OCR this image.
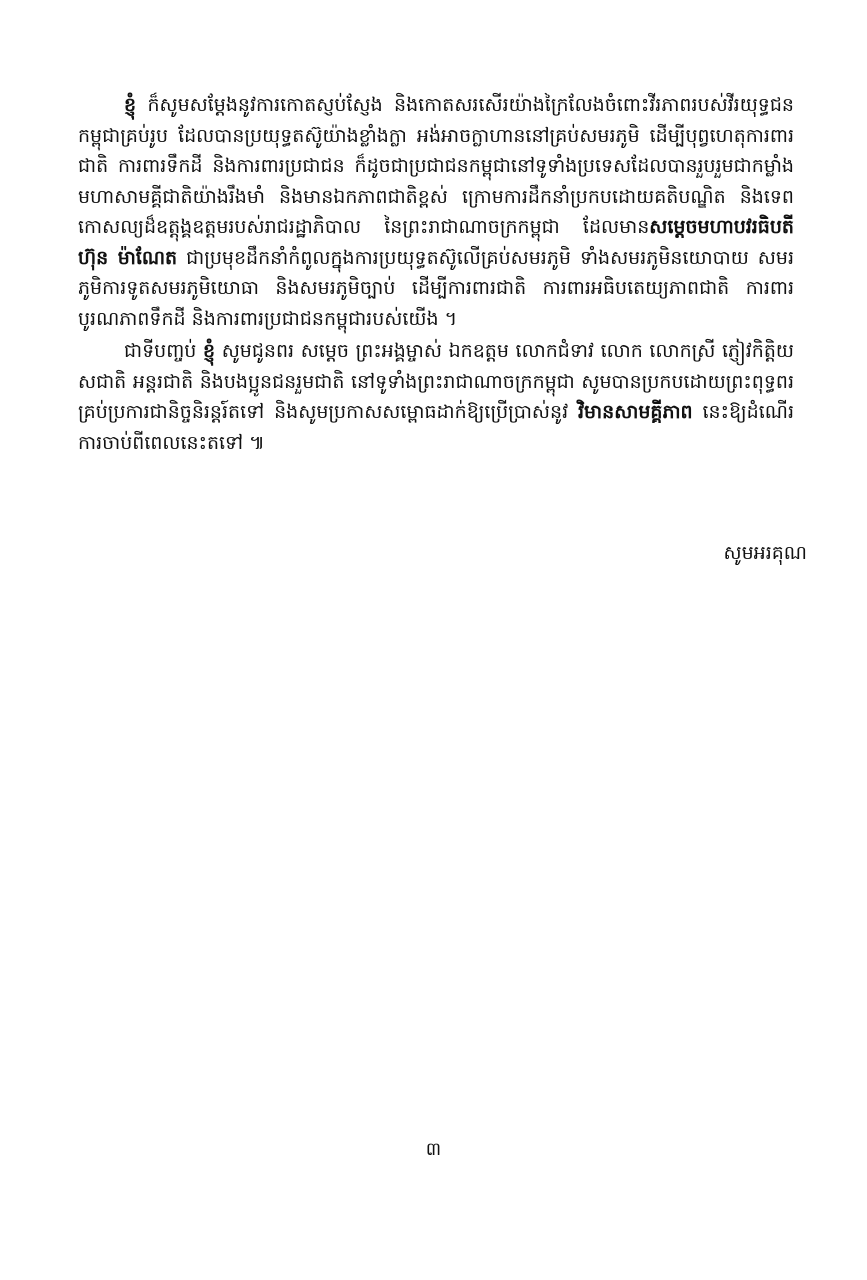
ខ្ញុំ ក៏សូមសម្តែងនូវការកោតស្ញប់ស្ញែង និងកោតសរសើរយ៉ាងក្រៃលែងចំពោះវីរភាពរបស់វីរយុទ្ធជនកម្ពុជាគ្រប់រូប ដែលបានប្រយុទ្ធតស៊ូយ៉ាងខ្លាំងក្លា អង់អាចក្លាហាននៅគ្រប់សមរភូមិ ដើម្បីបុព្វហេតុការពារជាតិ ការពារទឹកដី និងការពារប្រជាជន ក៏ដូចជាប្រជាជនកម្ពុជានៅទូទាំងប្រទេសដែលបានរួបរួមជាកម្លាំងមហាសាមគ្គីជាតិយ៉ាងរឹងមាំ និងមានឯកភាពជាតិខ្ពស់ ក្រោមការដឹកនាំប្រកបដោយគតិបណ្ឌិត និងទេពកោសល្យដ៏ឧត្តុង្គឧត្តមរបស់រាជរដ្ឋាភិបាល នៃព្រះរាជាណាចក្រកម្ពុជា ដែលមានសម្តេចមហាបវរធិបតី ហ៊ុន ម៉ាណែត ជាប្រមុខដឹកនាំកំពូលក្នុងការប្រយុទ្ធតស៊ូលើគ្រប់សមរភូមិ ទាំងសមរភូមិនយោបាយ សមរភូមិការទូតសមរភូមិយោធា និងសមរភូមិច្បាប់ ដើម្បីការពារជាតិ ការពារអធិបតេយ្យភាពជាតិ ការពារបូរណភាពទឹកដី និងការពារប្រជាជនកម្ពុជារបស់យើង ។

ជាទីបញ្ចប់ ខ្ញុំ សូមជូនពរ សម្តេច ព្រះអង្គម្ចាស់ ឯកឧត្តម លោកជំទាវ លោក លោកស្រី ភ្ញៀវកិត្តិយសជាតិ អន្តរជាតិ និងបងប្អូនជនរួមជាតិ នៅទូទាំងព្រះរាជាណាចក្រកម្ពុជា សូមបានប្រកបដោយព្រះពុទ្ធពរគ្រប់ប្រការជានិច្ចនិរន្តរ៍តទៅ និងសូមប្រកាសសម្ពោធដាក់ឱ្យប្រើប្រាស់នូវ វិមានសាមគ្គីភាព នេះឱ្យដំណើរការចាប់ពីពេលនេះតទៅ ៕

សូមអរគុណ
៣
